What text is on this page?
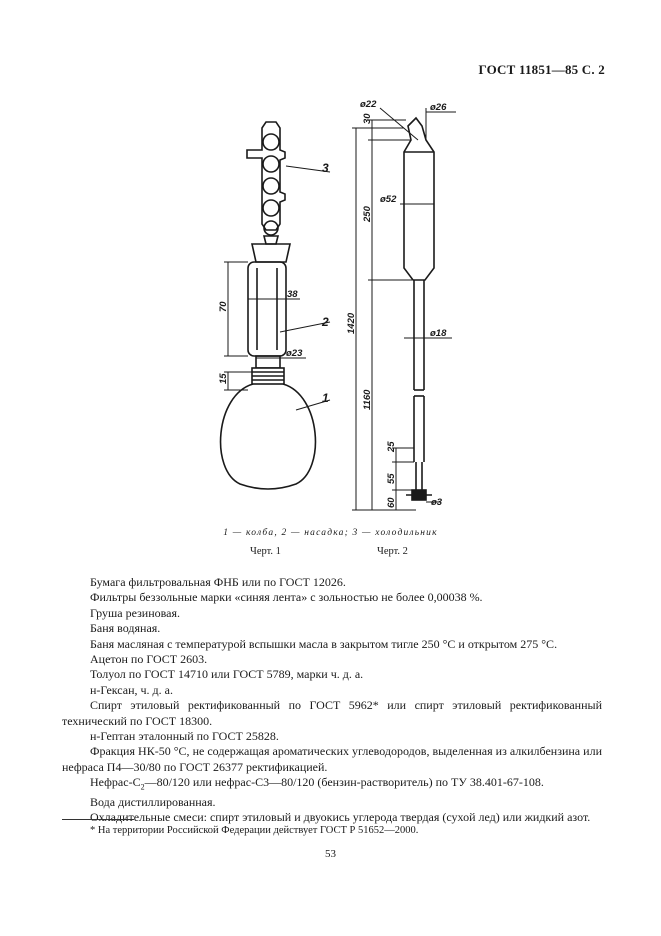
ГОСТ 11851—85 С. 2
70
15
38
ø23
3
2
1
ø22	ø26
30
ø52
250
1420	ø18
1160
25
55
60	ø3
1 — колба, 2 — насадка; 3 — холодильник
Черт. 1	Черт. 2

Бумага фильтровальная ФНБ или по ГОСТ 12026.

Фильтры беззольные марки «синяя лента» с зольностью не более 0,00038 %.

Груша резиновая.

Баня водяная.

Баня масляная с температурой вспышки масла в закрытом тигле 250 °С и открытом 275 °С.

Ацетон по ГОСТ 2603.

Толуол по ГОСТ 14710 или ГОСТ 5789, марки ч. д. а.

н-Гексан, ч. д. а.

Спирт этиловый ректификованный по ГОСТ 5962* или спирт этиловый ректификованный технический по ГОСТ 18300.

н-Гептан эталонный по ГОСТ 25828.

Фракция НК-50 °С, не содержащая ароматических углеводородов, выделенная из алкилбензина или нефраса П4—30/80 по ГОСТ 26377 ректификацией.

Нефрас-$С_2—80/120$ или нефрас-С3—80/120 (бензин-растворитель) по ТУ 38.401-67-108.

Вода дистиллированная.

Охладительные смеси: спирт этиловый и двуокись углерода твердая (сухой лед) или жидкий азот.

* На территории Российской Федерации действует ГОСТ Р 51652—2000.
53
